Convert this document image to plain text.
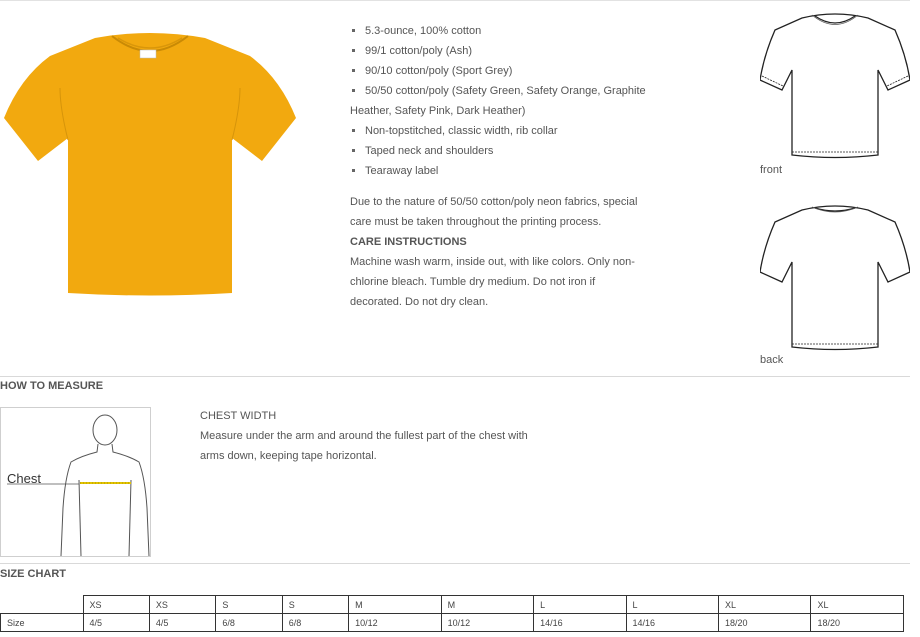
5.3-ounce, 100% cotton
99/1 cotton/poly (Ash)
90/10 cotton/poly (Sport Grey)
50/50 cotton/poly (Safety Green, Safety Orange, Graphite Heather, Safety Pink, Dark Heather)
Non-topstitched, classic width, rib collar
Taped neck and shoulders
Tearaway label

Due to the nature of 50/50 cotton/poly neon fabrics, special care must be taken throughout the printing process.

CARE INSTRUCTIONS

Machine wash warm, inside out, with like colors. Only non-chlorine bleach. Tumble dry medium. Do not iron if decorated. Do not dry clean.

front
back
HOW TO MEASURE
Chest
CHEST WIDTH
Measure under the arm and around the fullest part of the chest with arms down, keeping tape horizontal.
SIZE CHART
	XS	XS	S	S	M	M	L	L	XL	XL
Size	4/5	4/5	6/8	6/8	10/12	10/12	14/16	14/16	18/20	18/20
